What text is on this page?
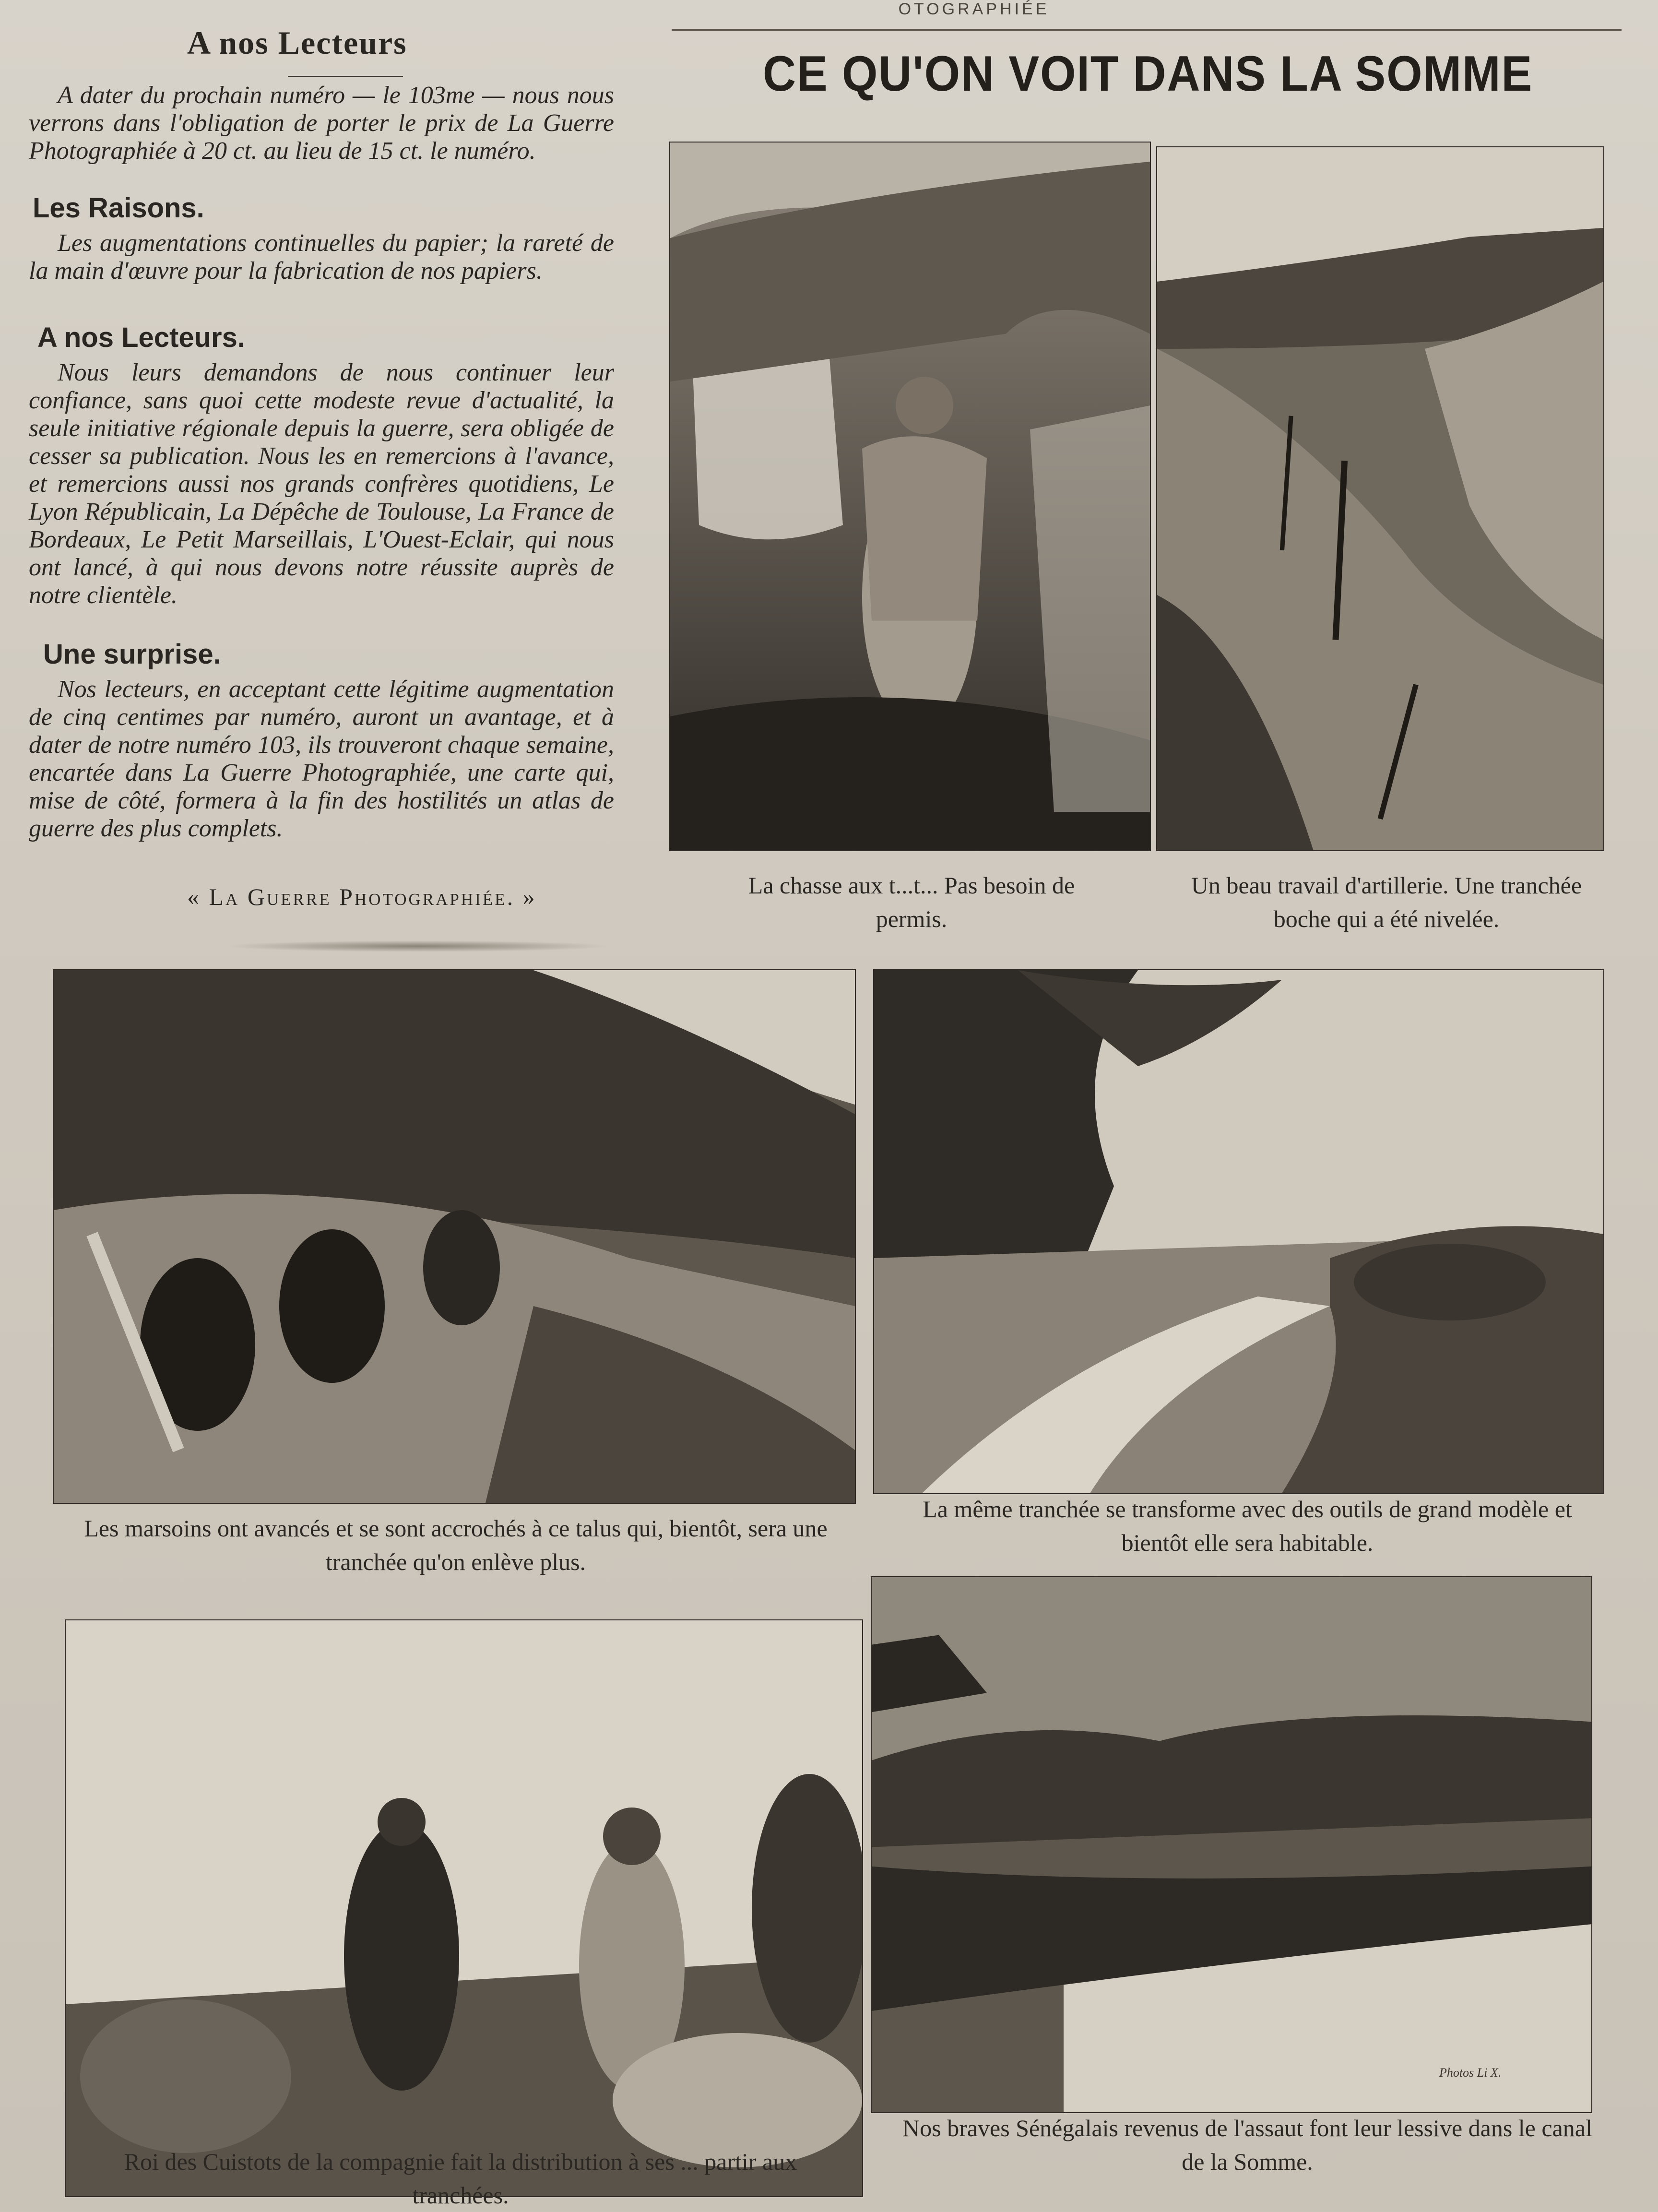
OTOGRAPHIÉE
CE QU'ON VOIT DANS LA SOMME
A nos Lecteurs
A dater du prochain numéro — le 103me — nous nous verrons dans l'obligation de porter le prix de La Guerre Photographiée à 20 ct. au lieu de 15 ct. le numéro.
Les Raisons.
Les augmentations continuelles du papier; la rareté de la main d'œuvre pour la fabrication de nos papiers.
A nos Lecteurs.
Nous leurs demandons de nous continuer leur confiance, sans quoi cette modeste revue d'actualité, la seule initiative régionale depuis la guerre, sera obligée de cesser sa publication. Nous les en remercions à l'avance, et remercions aussi nos grands confrères quotidiens, Le Lyon Républicain, La Dépêche de Toulouse, La France de Bordeaux, Le Petit Marseillais, L'Ouest-Eclair, qui nous ont lancé, à qui nous devons notre réussite auprès de notre clientèle.
Une surprise.
Nos lecteurs, en acceptant cette légitime augmentation de cinq centimes par numéro, auront un avantage, et à dater de notre numéro 103, ils trouveront chaque semaine, encartée dans La Guerre Photographiée, une carte qui, mise de côté, formera à la fin des hostilités un atlas de guerre des plus complets.
« La Guerre Photographiée. »	La chasse aux t...t... Pas besoin de permis.
Un beau travail d'artillerie. Une tranchée boche qui a été nivelée.
Les marsoins ont avancés et se sont accrochés à ce talus qui, bientôt, sera une tranchée qu'on enlève plus.
La même tranchée se transforme avec des outils de grand modèle et bientôt elle sera habitable.
Roi des Cuistots de la compagnie fait la distribution à ses ... partir aux tranchées.
Photos Li X.
Nos braves Sénégalais revenus de l'assaut font leur lessive dans le canal de la Somme.
